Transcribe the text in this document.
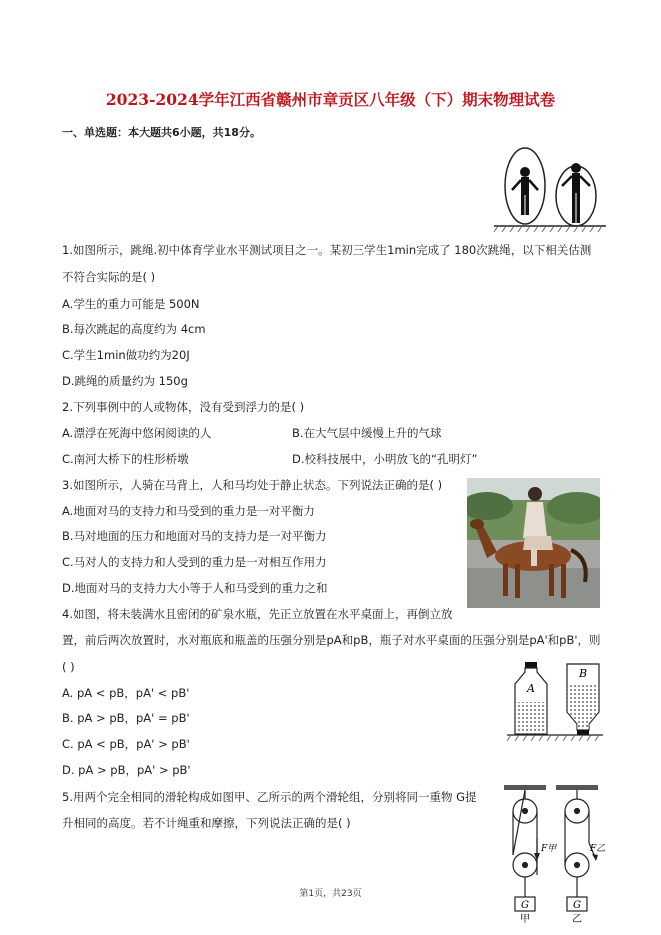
2023-2024学年江西省赣州市章贡区八年级（下）期末物理试卷
一、单选题：本大题共6小题，共18分。
1.如图所示，跳绳.初中体育学业水平测试项目之一。某初三学生1min完成了 180次跳绳，以下相关估测
不符合实际的是( )
A.学生的重力可能是 500N
B.每次跳起的高度约为 4cm
C.学生1min做功约为20J
D.跳绳的质量约为 150g
2.下列事例中的人或物体，没有受到浮力的是( )
A.漂浮在死海中悠闲阅读的人	B.在大气层中缓慢上升的气球
C.南河大桥下的柱形桥墩	D.校科技展中，小明放飞的“孔明灯”
3.如图所示，人骑在马背上，人和马均处于静止状态。下列说法正确的是( )
A.地面对马的支持力和马受到的重力是一对平衡力
B.马对地面的压力和地面对马的支持力是一对平衡力
C.马对人的支持力和人受到的重力是一对相互作用力
D.地面对马的支持力大小等于人和马受到的重力之和
4.如图，将未装满水且密闭的矿泉水瓶，先正立放置在水平桌面上，再倒立放
置，前后两次放置时，水对瓶底和瓶盖的压强分别是pA和pB，瓶子对水平桌面的压强分别是pA'和pB'，则
( )
A. pA < pB，pA' < pB'
B. pA > pB，pA' = pB'
C. pA < pB，pA' > pB'
D. pA > pB，pA' > pB'
A
B
5.用两个完全相同的滑轮构成如图甲、乙所示的两个滑轮组，分别将同一重物 G提
升相同的高度。若不计绳重和摩擦，下列说法正确的是( )
F甲
G
甲
F乙
G
乙
第1页，共23页
